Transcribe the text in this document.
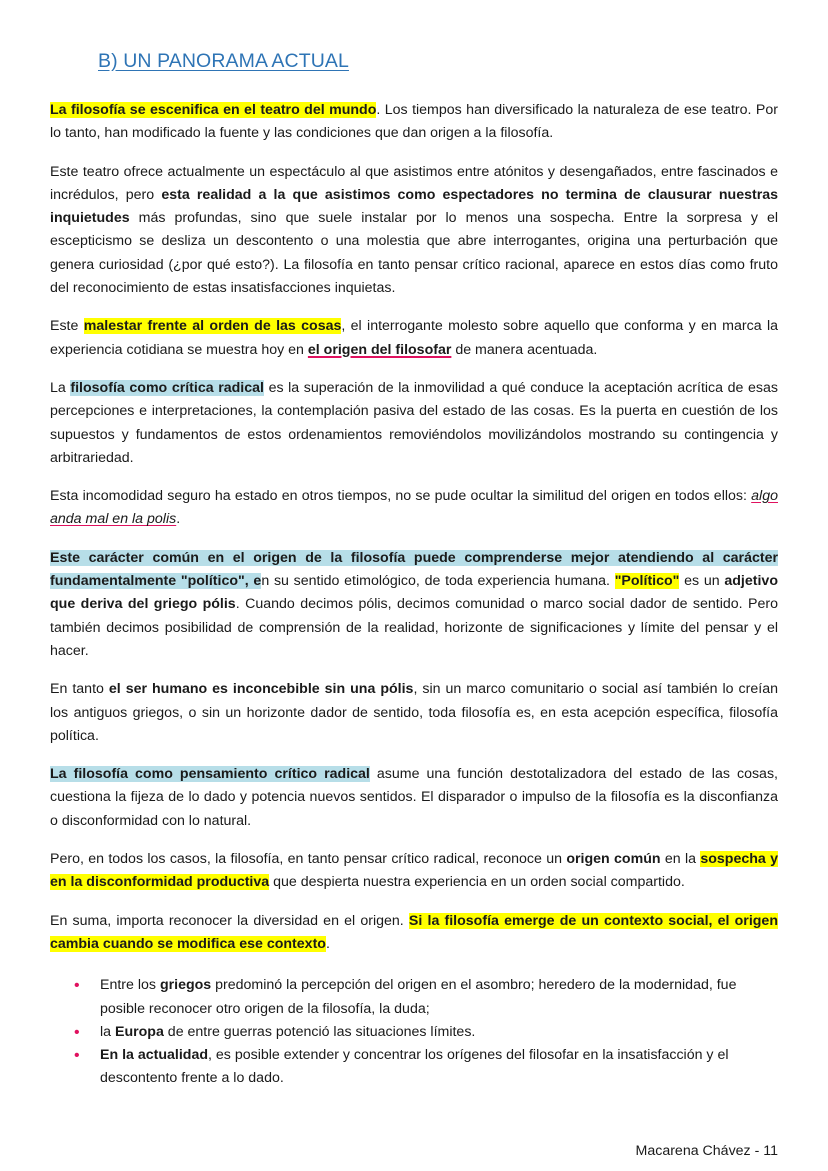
B) UN PANORAMA ACTUAL

La filosofía se escenifica en el teatro del mundo. Los tiempos han diversificado la naturaleza de ese teatro. Por lo tanto, han modificado la fuente y las condiciones que dan origen a la filosofía.

Este teatro ofrece actualmente un espectáculo al que asistimos entre atónitos y desengañados, entre fascinados e incrédulos, pero esta realidad a la que asistimos como espectadores no termina de clausurar nuestras inquietudes más profundas, sino que suele instalar por lo menos una sospecha. Entre la sorpresa y el escepticismo se desliza un descontento o una molestia que abre interrogantes, origina una perturbación que genera curiosidad (¿por qué esto?). La filosofía en tanto pensar crítico racional, aparece en estos días como fruto del reconocimiento de estas insatisfacciones inquietas.

Este malestar frente al orden de las cosas, el interrogante molesto sobre aquello que conforma y en marca la experiencia cotidiana se muestra hoy en el origen del filosofar de manera acentuada.

La filosofía como crítica radical es la superación de la inmovilidad a qué conduce la aceptación acrítica de esas percepciones e interpretaciones, la contemplación pasiva del estado de las cosas. Es la puerta en cuestión de los supuestos y fundamentos de estos ordenamientos removiéndolos movilizándolos mostrando su contingencia y arbitrariedad.

Esta incomodidad seguro ha estado en otros tiempos, no se pude ocultar la similitud del origen en todos ellos: algo anda mal en la polis.

Este carácter común en el origen de la filosofía puede comprenderse mejor atendiendo al carácter fundamentalmente "político", en su sentido etimológico, de toda experiencia humana. "Político" es un adjetivo que deriva del griego pólis. Cuando decimos pólis, decimos comunidad o marco social dador de sentido. Pero también decimos posibilidad de comprensión de la realidad, horizonte de significaciones y límite del pensar y el hacer.

En tanto el ser humano es inconcebible sin una pólis, sin un marco comunitario o social así también lo creían los antiguos griegos, o sin un horizonte dador de sentido, toda filosofía es, en esta acepción específica, filosofía política.

La filosofía como pensamiento crítico radical asume una función destotalizadora del estado de las cosas, cuestiona la fijeza de lo dado y potencia nuevos sentidos. El disparador o impulso de la filosofía es la disconfianza o disconformidad con lo natural.

Pero, en todos los casos, la filosofía, en tanto pensar crítico radical, reconoce un origen común en la sospecha y en la disconformidad productiva que despierta nuestra experiencia en un orden social compartido.

En suma, importa reconocer la diversidad en el origen. Si la filosofía emerge de un contexto social, el origen cambia cuando se modifica ese contexto.

• Entre los griegos predominó la percepción del origen en el asombro; heredero de la modernidad, fue posible reconocer otro origen de la filosofía, la duda;
• la Europa de entre guerras potenció las situaciones límites.
• En la actualidad, es posible extender y concentrar los orígenes del filosofar en la insatisfacción y el descontento frente a lo dado.
Macarena Chávez - 11
